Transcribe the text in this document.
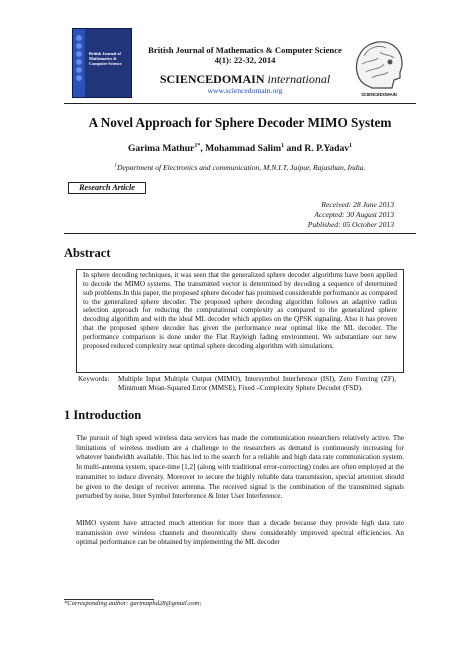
British Journal of Mathematics & Computer Science
British Journal of Mathematics & Computer Science
4(1): 22-32, 2014
SCIENCEDOMAIN international
www.sciencedomain.org	SCIENCEDOMAIN
A Novel Approach for Sphere Decoder MIMO System
Garima Mathur$^{1*}$, Mohammad Salim$^1$ and R. P.Yadav$^1$
$^1$Department of Electronics and communication, M.N.I.T, Jaipur, Rajasthan, India.
Research Article
Received: 28 June 2013
Accepted: 30 August 2013
Published: 05 October 2013
Abstract
In sphere decoding techniques, it was seen that the generalized sphere decoder algorithms have been applied to decode the MIMO systems. The transmitted vector is determined by decoding a sequence of determined sub problems.In this paper, the proposed sphere decoder has promised considerable performance as compared to the generalized sphere decoder. The proposed sphere decoding algorithm follows an adaptive radius selection approach for reducing the computational complexity as compared to the generalized sphere decoding algorithm and with the ideal ML decoder which applies on the QPSK signaling. Also it has proven that the proposed sphere decoder has given the performance near optimal like the ML decoder. The performance comparison is done under the Flat Rayleigh fading environment. We substantiate our new proposed reduced complexity near optimal sphere decoding algorithm with simulations.
Keywords: Multiple Input Multiple Output (MIMO), Intersymbol Interference (ISI), Zero Forcing (ZF), Minimum Mean-Squared Error (MMSE), Fixed –Complexity Sphere Decoder (FSD).
1 Introduction
The pursuit of high speed wireless data services has made the communication researchers relatively active. The limitations of wireless medium are a challenge to the researchers as demand is continuously increasing for whatever bandwidth available. This has led to the search for a reliable and high data rate communication system. In multi-antenna system, space-time [1,2] (along with traditional error-correcting) codes are often employed at the transmitter to induce diversity. Moreover to secure the highly reliable data transmission, special attention should be given to the design of receiver antenna. The received signal is the combination of the transmitted signals perturbed by noise, Inter Symbol Interference & Inter User Interference.
MIMO system have attracted much attention for more than a decade because they provide high data rate transmission over wireless channels and theoretically show considerably improved spectral efficiencies. An optimal performance can be obtained by implementing the ML decoder
*Corresponding author: garimaphd28@gmail.com;
